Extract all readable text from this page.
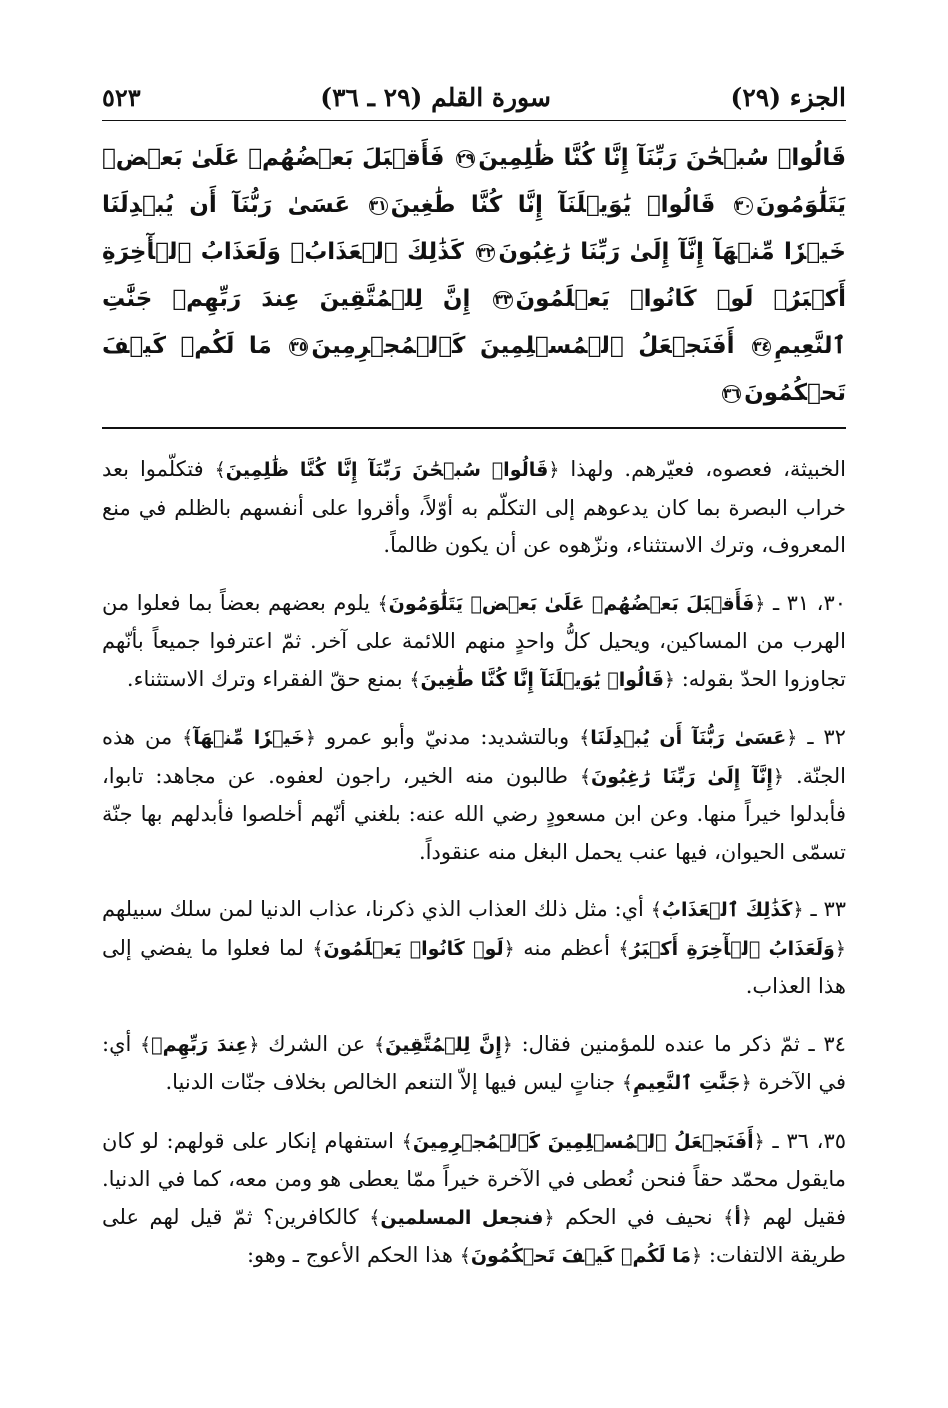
الجزء (٢٩)
سورة القلم (٢٩ ـ ٣٦)
٥٢٣
قَالُوا۟ سُبۡحَٰنَ رَبِّنَآ إِنَّا كُنَّا ظَٰلِمِينَ٢٩ فَأَقۡبَلَ بَعۡضُهُمۡ عَلَىٰ بَعۡضٖ يَتَلَٰوَمُونَ٣٠ قَالُوا۟ يَٰوَيۡلَنَآ إِنَّا كُنَّا طَٰغِينَ٣١ عَسَىٰ رَبُّنَآ أَن يُبۡدِلَنَا خَيۡرٗا مِّنۡهَآ إِنَّآ إِلَىٰ رَبِّنَا رَٰغِبُونَ٣٢ كَذَٰلِكَ ٱلۡعَذَابُۖ وَلَعَذَابُ ٱلۡأٓخِرَةِ أَكۡبَرُۚ لَوۡ كَانُوا۟ يَعۡلَمُونَ٣٣ إِنَّ لِلۡمُتَّقِينَ عِندَ رَبِّهِمۡ جَنَّٰتِ ٱلنَّعِيمِ٣٤ أَفَنَجۡعَلُ ٱلۡمُسۡلِمِينَ كَٱلۡمُجۡرِمِينَ٣٥ مَا لَكُمۡ كَيۡفَ تَحۡكُمُونَ٣٦

الخبيثة، فعصوه، فعيّرهم. ولهذا ﴿قَالُوا۟ سُبۡحَٰنَ رَبِّنَآ إِنَّا كُنَّا ظَٰلِمِينَ﴾ فتكلّموا بعد خراب البصرة بما كان يدعوهم إلى التكلّم به أوّلاً، وأقروا على أنفسهم بالظلم في منع المعروف، وترك الاستثناء، ونزّهوه عن أن يكون ظالماً.

٣٠، ٣١ ـ ﴿فَأَقۡبَلَ بَعۡضُهُمۡ عَلَىٰ بَعۡضٖ يَتَلَٰوَمُونَ﴾ يلوم بعضهم بعضاً بما فعلوا من الهرب من المساكين، ويحيل كلُّ واحدٍ منهم اللائمة على آخر. ثمّ اعترفوا جميعاً بأنّهم تجاوزوا الحدّ بقوله: ﴿قَالُوا۟ يَٰوَيۡلَنَآ إِنَّا كُنَّا طَٰغِينَ﴾ بمنع حقّ الفقراء وترك الاستثناء.

٣٢ ـ ﴿عَسَىٰ رَبُّنَآ أَن يُبۡدِلَنَا﴾ وبالتشديد: مدنيّ وأبو عمرو ﴿خَيۡرٗا مِّنۡهَآ﴾ من هذه الجنّة. ﴿إِنَّآ إِلَىٰ رَبِّنَا رَٰغِبُونَ﴾ طالبون منه الخير، راجون لعفوه. عن مجاهد: تابوا، فأبدلوا خيراً منها. وعن ابن مسعودٍ رضي الله عنه: بلغني أنّهم أخلصوا فأبدلهم بها جنّة تسمّى الحيوان، فيها عنب يحمل البغل منه عنقوداً.

٣٣ ـ ﴿كَذَٰلِكَ ٱلۡعَذَابُ﴾ أي: مثل ذلك العذاب الذي ذكرنا، عذاب الدنيا لمن سلك سبيلهم ﴿وَلَعَذَابُ ٱلۡأٓخِرَةِ أَكۡبَرُ﴾ أعظم منه ﴿لَوۡ كَانُوا۟ يَعۡلَمُونَ﴾ لما فعلوا ما يفضي إلى هذا العذاب.

٣٤ ـ ثمّ ذكر ما عنده للمؤمنين فقال: ﴿إِنَّ لِلۡمُتَّقِينَ﴾ عن الشرك ﴿عِندَ رَبِّهِمۡ﴾ أي: في الآخرة ﴿جَنَّٰتِ ٱلنَّعِيمِ﴾ جناتٍ ليس فيها إلاّ التنعم الخالص بخلاف جنّات الدنيا.

٣٥، ٣٦ ـ ﴿أَفَنَجۡعَلُ ٱلۡمُسۡلِمِينَ كَٱلۡمُجۡرِمِينَ﴾ استفهام إنكار على قولهم: لو كان مايقول محمّد حقاً فنحن نُعطى في الآخرة خيراً ممّا يعطى هو ومن معه، كما في الدنيا. فقيل لهم ﴿أ﴾ نحيف في الحكم ﴿فنجعل المسلمين﴾ كالكافرين؟ ثمّ قيل لهم على طريقة الالتفات: ﴿مَا لَكُمۡ كَيۡفَ تَحۡكُمُونَ﴾ هذا الحكم الأعوج ـ وهو:
